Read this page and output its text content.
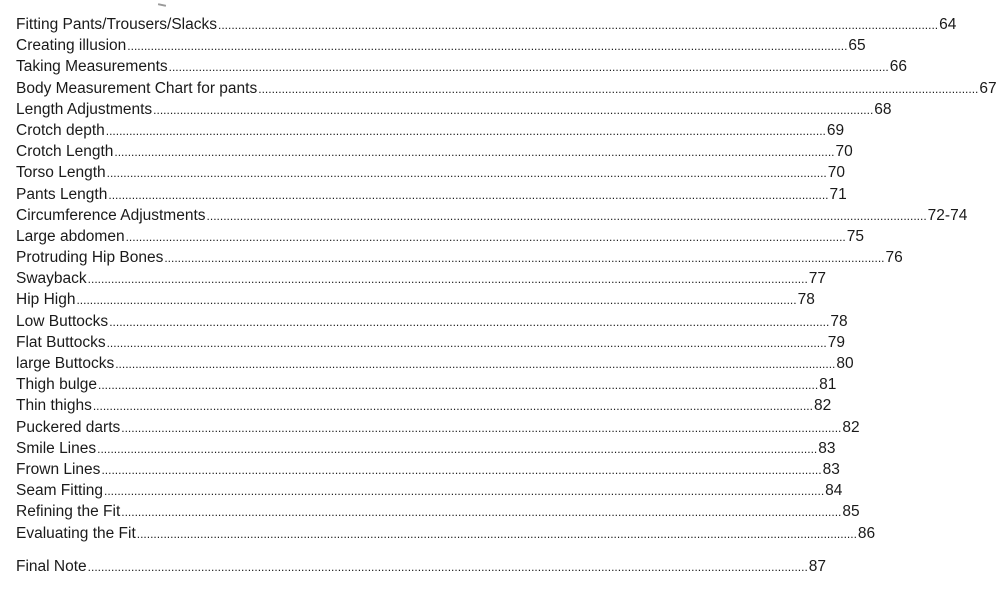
Fitting Pants/Trousers/Slacks .....	64
Creating illusion .....	65
Taking Measurements .....	66
Body Measurement Chart for pants .....	67
Length Adjustments .....	68
Crotch depth .....	69
Crotch Length .....	70
Torso Length .....	70
Pants Length .....	71
Circumference Adjustments .....	72-74
Large abdomen .....	75
Protruding Hip Bones .....	76
Swayback .....	77
Hip High .....	78
Low Buttocks .....	78
Flat Buttocks .....	79
large Buttocks .....	80
Thigh bulge .....	81
Thin thighs .....	82
Puckered darts .....	82
Smile Lines .....	83
Frown Lines .....	83
Seam Fitting .....	84
Refining the Fit .....	85
Evaluating the Fit .....	86
Final Note .....	87
